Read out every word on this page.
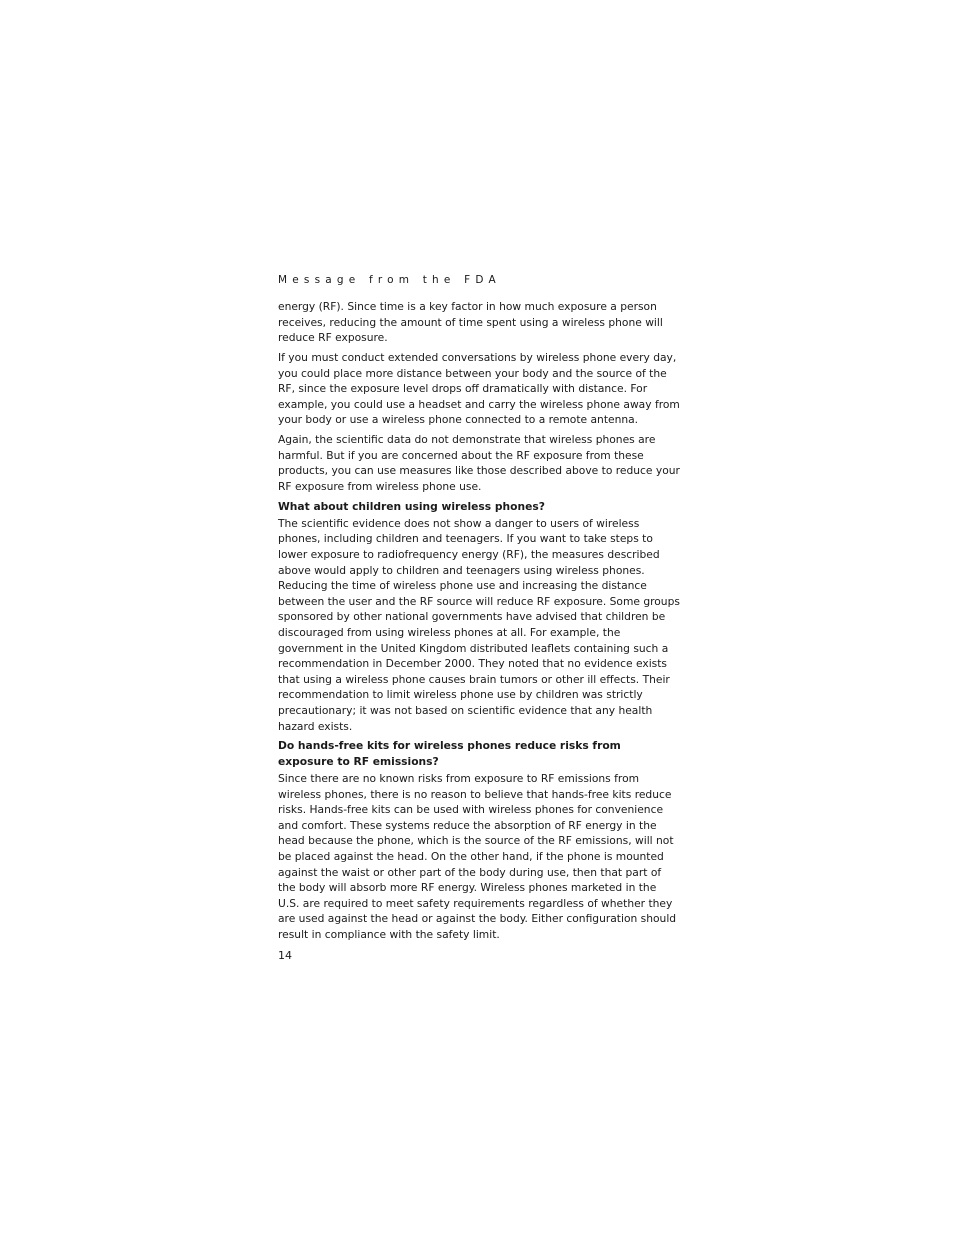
Message from the FDA

energy (RF). Since time is a key factor in how much exposure a person receives, reducing the amount of time spent using a wireless phone will reduce RF exposure.

If you must conduct extended conversations by wireless phone every day, you could place more distance between your body and the source of the RF, since the exposure level drops off dramatically with distance. For example, you could use a headset and carry the wireless phone away from your body or use a wireless phone connected to a remote antenna.

Again, the scientific data do not demonstrate that wireless phones are harmful. But if you are concerned about the RF exposure from these products, you can use measures like those described above to reduce your RF exposure from wireless phone use.

What about children using wireless phones?

The scientific evidence does not show a danger to users of wireless phones, including children and teenagers. If you want to take steps to lower exposure to radiofrequency energy (RF), the measures described above would apply to children and teenagers using wireless phones. Reducing the time of wireless phone use and increasing the distance between the user and the RF source will reduce RF exposure. Some groups sponsored by other national governments have advised that children be discouraged from using wireless phones at all. For example, the government in the United Kingdom distributed leaflets containing such a recommendation in December 2000. They noted that no evidence exists that using a wireless phone causes brain tumors or other ill effects. Their recommendation to limit wireless phone use by children was strictly precautionary; it was not based on scientific evidence that any health hazard exists.

Do hands-free kits for wireless phones reduce risks from exposure to RF emissions?

Since there are no known risks from exposure to RF emissions from wireless phones, there is no reason to believe that hands-free kits reduce risks. Hands-free kits can be used with wireless phones for convenience and comfort. These systems reduce the absorption of RF energy in the head because the phone, which is the source of the RF emissions, will not be placed against the head. On the other hand, if the phone is mounted against the waist or other part of the body during use, then that part of the body will absorb more RF energy. Wireless phones marketed in the U.S. are required to meet safety requirements regardless of whether they are used against the head or against the body. Either configuration should result in compliance with the safety limit.

14
